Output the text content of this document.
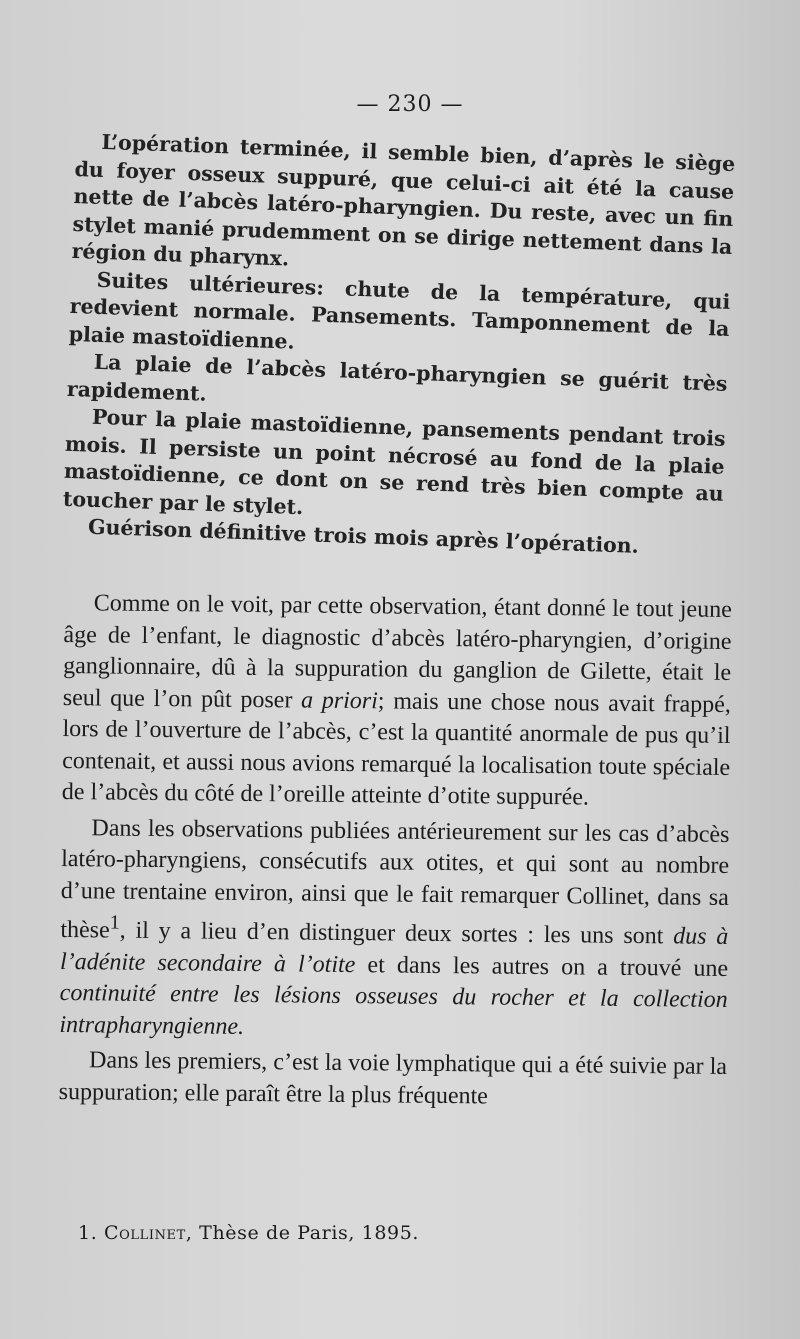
— 230 —

L’opération terminée, il semble bien, d’après le siège du foyer osseux suppuré, que celui-ci ait été la cause nette de l’abcès latéro-pharyngien. Du reste, avec un fin stylet manié prudemment on se dirige nettement dans la région du pharynx.

Suites ultérieures: chute de la température, qui redevient normale. Pansements. Tamponnement de la plaie mastoïdienne.

La plaie de l’abcès latéro-pharyngien se guérit très rapidement.

Pour la plaie mastoïdienne, pansements pendant trois mois. Il persiste un point nécrosé au fond de la plaie mastoïdienne, ce dont on se rend très bien compte au toucher par le stylet.

Guérison définitive trois mois après l’opération.

Comme on le voit, par cette observation, étant donné le tout jeune âge de l’enfant, le diagnostic d’abcès latéro-pharyngien, d’origine ganglionnaire, dû à la suppuration du ganglion de Gilette, était le seul que l’on pût poser a priori; mais une chose nous avait frappé, lors de l’ouverture de l’abcès, c’est la quantité anormale de pus qu’il contenait, et aussi nous avions remarqué la localisation toute spéciale de l’abcès du côté de l’oreille atteinte d’otite suppurée.

Dans les observations publiées antérieurement sur les cas d’abcès latéro-pharyngiens, consécutifs aux otites, et qui sont au nombre d’une trentaine environ, ainsi que le fait remarquer Collinet, dans sa thèse$^1$, il y a lieu d’en distinguer deux sortes : les uns sont dus à l’adénite secondaire à l’otite et dans les autres on a trouvé une continuité entre les lésions osseuses du rocher et la collection intrapharyngienne.

Dans les premiers, c’est la voie lymphatique qui a été suivie par la suppuration; elle paraît être la plus fréquente

1. Collinet, Thèse de Paris, 1895.
